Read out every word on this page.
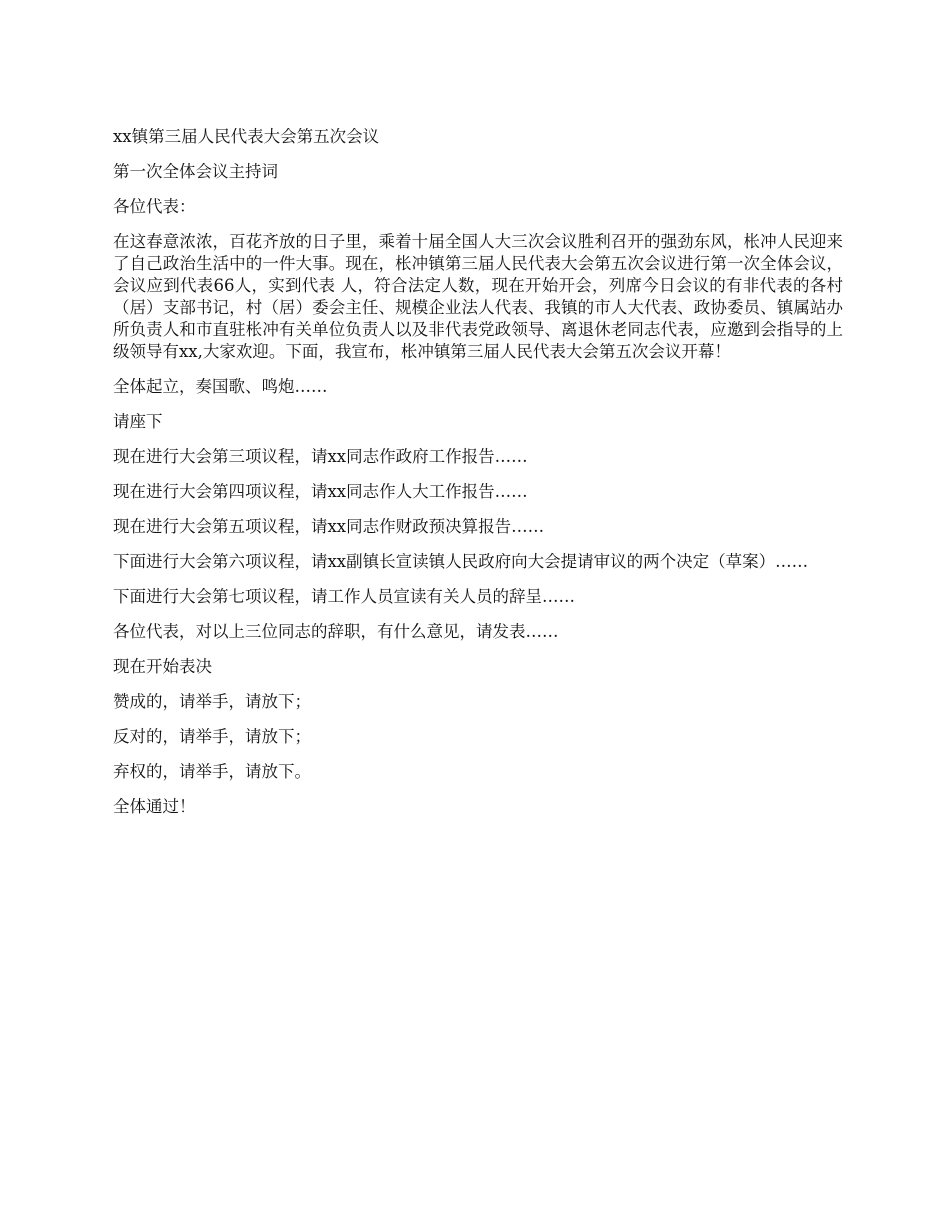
xx镇第三届人民代表大会第五次会议

第一次全体会议主持词

各位代表：

在这春意浓浓，百花齐放的日子里，乘着十届全国人大三次会议胜利召开的强劲东风，枨冲人民迎来了自己政治生活中的一件大事。现在，枨冲镇第三届人民代表大会第五次会议进行第一次全体会议，会议应到代表66人，实到代表 人，符合法定人数，现在开始开会，列席今日会议的有非代表的各村（居）支部书记，村（居）委会主任、规模企业法人代表、我镇的市人大代表、政协委员、镇属站办所负责人和市直驻枨冲有关单位负责人以及非代表党政领导、离退休老同志代表，应邀到会指导的上级领导有xx,大家欢迎。下面，我宣布，枨冲镇第三届人民代表大会第五次会议开幕！

全体起立，奏国歌、鸣炮……

请座下

现在进行大会第三项议程，请xx同志作政府工作报告……

现在进行大会第四项议程，请xx同志作人大工作报告……

现在进行大会第五项议程，请xx同志作财政预决算报告……

下面进行大会第六项议程，请xx副镇长宣读镇人民政府向大会提请审议的两个决定（草案）……

下面进行大会第七项议程，请工作人员宣读有关人员的辞呈……

各位代表，对以上三位同志的辞职，有什么意见，请发表……

现在开始表决

赞成的，请举手，请放下；

反对的，请举手，请放下；

弃权的，请举手，请放下。

全体通过！
